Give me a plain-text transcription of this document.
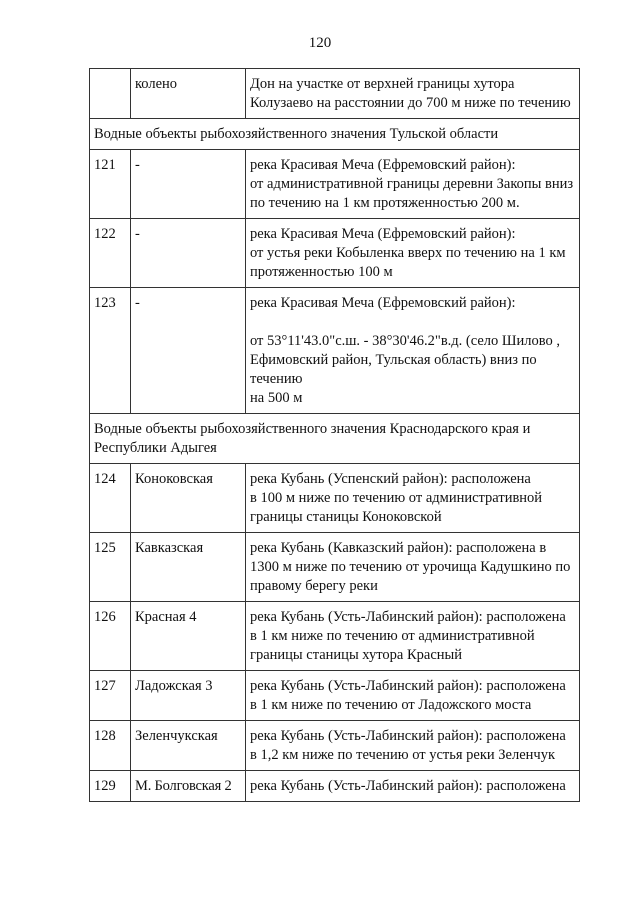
120
	колено	Дон на участке от верхней границы хутора
Колузаево на расстоянии до 700 м ниже по течению

Водные объекты рыбохозяйственного значения Тульской области		

121	-	река Красивая Меча (Ефремовский район):
от административной границы деревни Закопы вниз
по течению на 1 км протяженностью 200 м.

122	-	река Красивая Меча (Ефремовский район):
от устья реки Кобыленка вверх по течению на 1 км
протяженностью 100 м

123	-	река Красивая Меча (Ефремовский район):
от 53°11'43.0"с.ш. - 38°30'46.2"в.д. (село Шилово ,
Ефимовский район, Тульская область) вниз по
течению
на 500 м

Водные объекты рыбохозяйственного значения Краснодарского края и
Республики Адыгея		

124	Коноковская	река Кубань (Успенский район): расположена
в 100 м ниже по течению от административной
границы станицы Коноковской

125	Кавказская	река Кубань (Кавказский район): расположена в
1300 м ниже по течению от урочища Кадушкино по
правому берегу реки

126	Красная 4	река Кубань (Усть-Лабинский район): расположена
в 1 км ниже по течению от административной
границы станицы хутора Красный

127	Ладожская 3	река Кубань (Усть-Лабинский район): расположена
в 1 км ниже по течению от Ладожского моста

128	Зеленчукская	река Кубань (Усть-Лабинский район): расположена
в 1,2 км ниже по течению от устья реки Зеленчук

129	М. Болговская 2	река Кубань (Усть-Лабинский район): расположена
